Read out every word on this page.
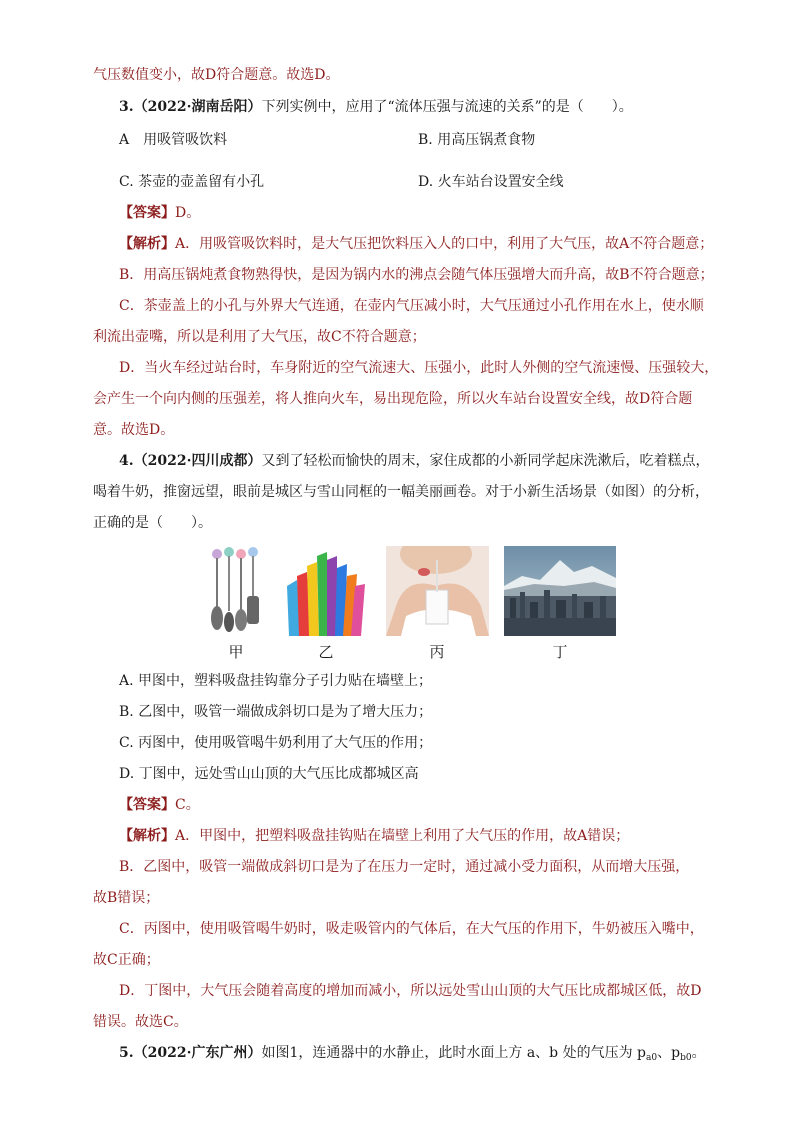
气压数值变小，故D符合题意。故选D。
3.（2022·湖南岳阳）下列实例中，应用了“流体压强与流速的关系”的是（　　）。
A　用吸管吸饮料	B. 用高压锅煮食物
C. 茶壶的壶盖留有小孔	D. 火车站台设置安全线
【答案】D。
【解析】A．用吸管吸饮料时，是大气压把饮料压入人的口中，利用了大气压，故A不符合题意；
B．用高压锅炖煮食物熟得快，是因为锅内水的沸点会随气体压强增大而升高，故B不符合题意；
C．茶壶盖上的小孔与外界大气连通，在壶内气压减小时，大气压通过小孔作用在水上，使水顺
利流出壶嘴，所以是利用了大气压，故C不符合题意；
D．当火车经过站台时，车身附近的空气流速大、压强小，此时人外侧的空气流速慢、压强较大，
会产生一个向内侧的压强差，将人推向火车，易出现危险，所以火车站台设置安全线，故D符合题
意。故选D。
4.（2022·四川成都）又到了轻松而愉快的周末，家住成都的小新同学起床洗漱后，吃着糕点，
喝着牛奶，推窗远望，眼前是城区与雪山同框的一幅美丽画卷。对于小新生活场景（如图）的分析，
正确的是（　　）。
甲	乙	丙	丁
A. 甲图中，塑料吸盘挂钩靠分子引力贴在墙壁上；
B. 乙图中，吸管一端做成斜切口是为了增大压力；
C. 丙图中，使用吸管喝牛奶利用了大气压的作用；
D. 丁图中，远处雪山山顶的大气压比成都城区高
【答案】C。
【解析】A．甲图中，把塑料吸盘挂钩贴在墙壁上利用了大气压的作用，故A错误；
B．乙图中，吸管一端做成斜切口是为了在压力一定时，通过减小受力面积，从而增大压强，
故B错误；
C．丙图中，使用吸管喝牛奶时，吸走吸管内的气体后，在大气压的作用下，牛奶被压入嘴中，
故C正确；
D．丁图中，大气压会随着高度的增加而减小，所以远处雪山山顶的大气压比成都城区低，故D
错误。故选C。
5.（2022·广东广州）如图1，连通器中的水静止，此时水面上方 a、b 处的气压为 $p_{a0}$、$p_{b0}$。
